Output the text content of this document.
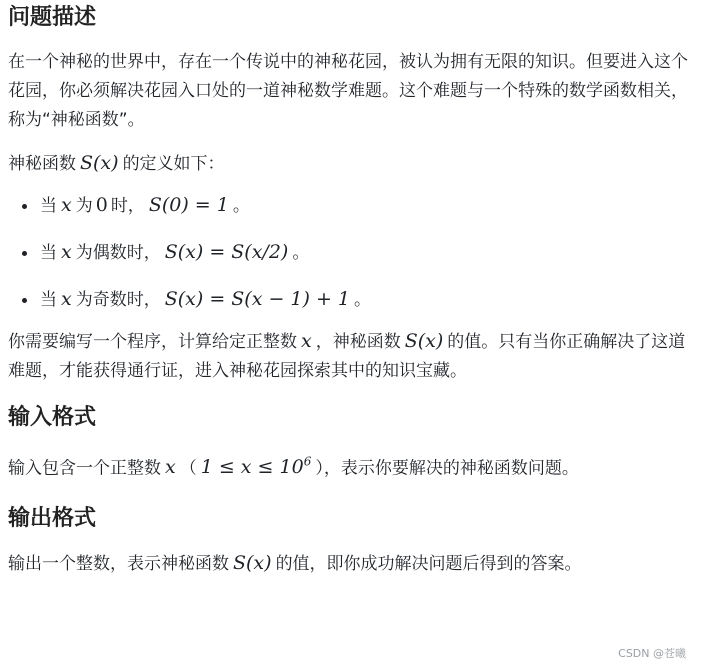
问题描述

在一个神秘的世界中，存在一个传说中的神秘花园，被认为拥有无限的知识。但要进入这个花园，你必须解决花园入口处的一道神秘数学难题。这个难题与一个特殊的数学函数相关，称为“神秘函数”。

神秘函数 S(x) 的定义如下：

当 x 为 0 时， S(0) = 1 。
当 x 为偶数时， S(x) = S(x/2) 。
当 x 为奇数时， S(x) = S(x − 1) + 1 。

你需要编写一个程序，计算给定正整数 x ，神秘函数 S(x) 的值。只有当你正确解决了这道难题，才能获得通行证，进入神秘花园探索其中的知识宝藏。

输入格式

输入包含一个正整数 x （ $1 \le x \le 10^6$ ），表示你要解决的神秘函数问题。

输出格式

输出一个整数，表示神秘函数 S(x) 的值，即你成功解决问题后得到的答案。

CSDN @苍曦
